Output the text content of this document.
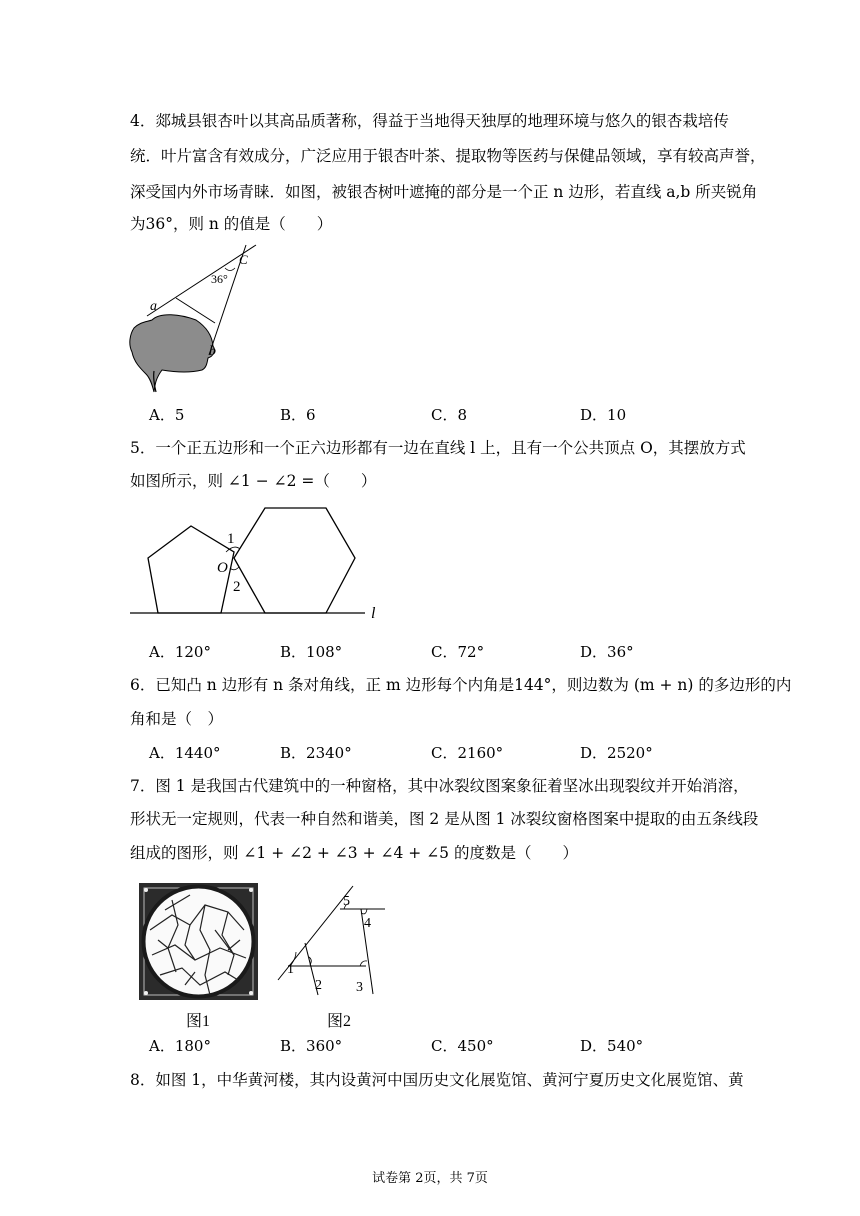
4．郯城县银杏叶以其高品质著称，得益于当地得天独厚的地理环境与悠久的银杏栽培传
统．叶片富含有效成分，广泛应用于银杏叶茶、提取物等医药与保健品领域，享有较高声誉，
深受国内外市场青睐．如图，被银杏树叶遮掩的部分是一个正 n 边形，若直线 a,b 所夹锐角
为36°，则 n 的值是（　　）
36°
C
a
b
A．5	B．6	C．8	D．10
5．一个正五边形和一个正六边形都有一边在直线 l 上，且有一个公共顶点 O，其摆放方式
如图所示，则 ∠1 − ∠2 =（　　）
1
O
2
l
A．120°	B．108°	C．72°	D．36°
6．已知凸 n 边形有 n 条对角线，正 m 边形每个内角是144°，则边数为 (m + n) 的多边形的内
角和是（　）
A．1440°	B．2340°	C．2160°	D．2520°
7．图 1 是我国古代建筑中的一种窗格，其中冰裂纹图案象征着坚冰出现裂纹并开始消溶，
形状无一定规则，代表一种自然和谐美，图 2 是从图 1 冰裂纹窗格图案中提取的由五条线段
组成的图形，则 ∠1 + ∠2 + ∠3 + ∠4 + ∠5 的度数是（　　）
图1
1
2 3
4
5
图2
A．180°	B．360°	C．450°	D．540°
8．如图 1，中华黄河楼，其内设黄河中国历史文化展览馆、黄河宁夏历史文化展览馆、黄
试卷第 2页，共 7页
